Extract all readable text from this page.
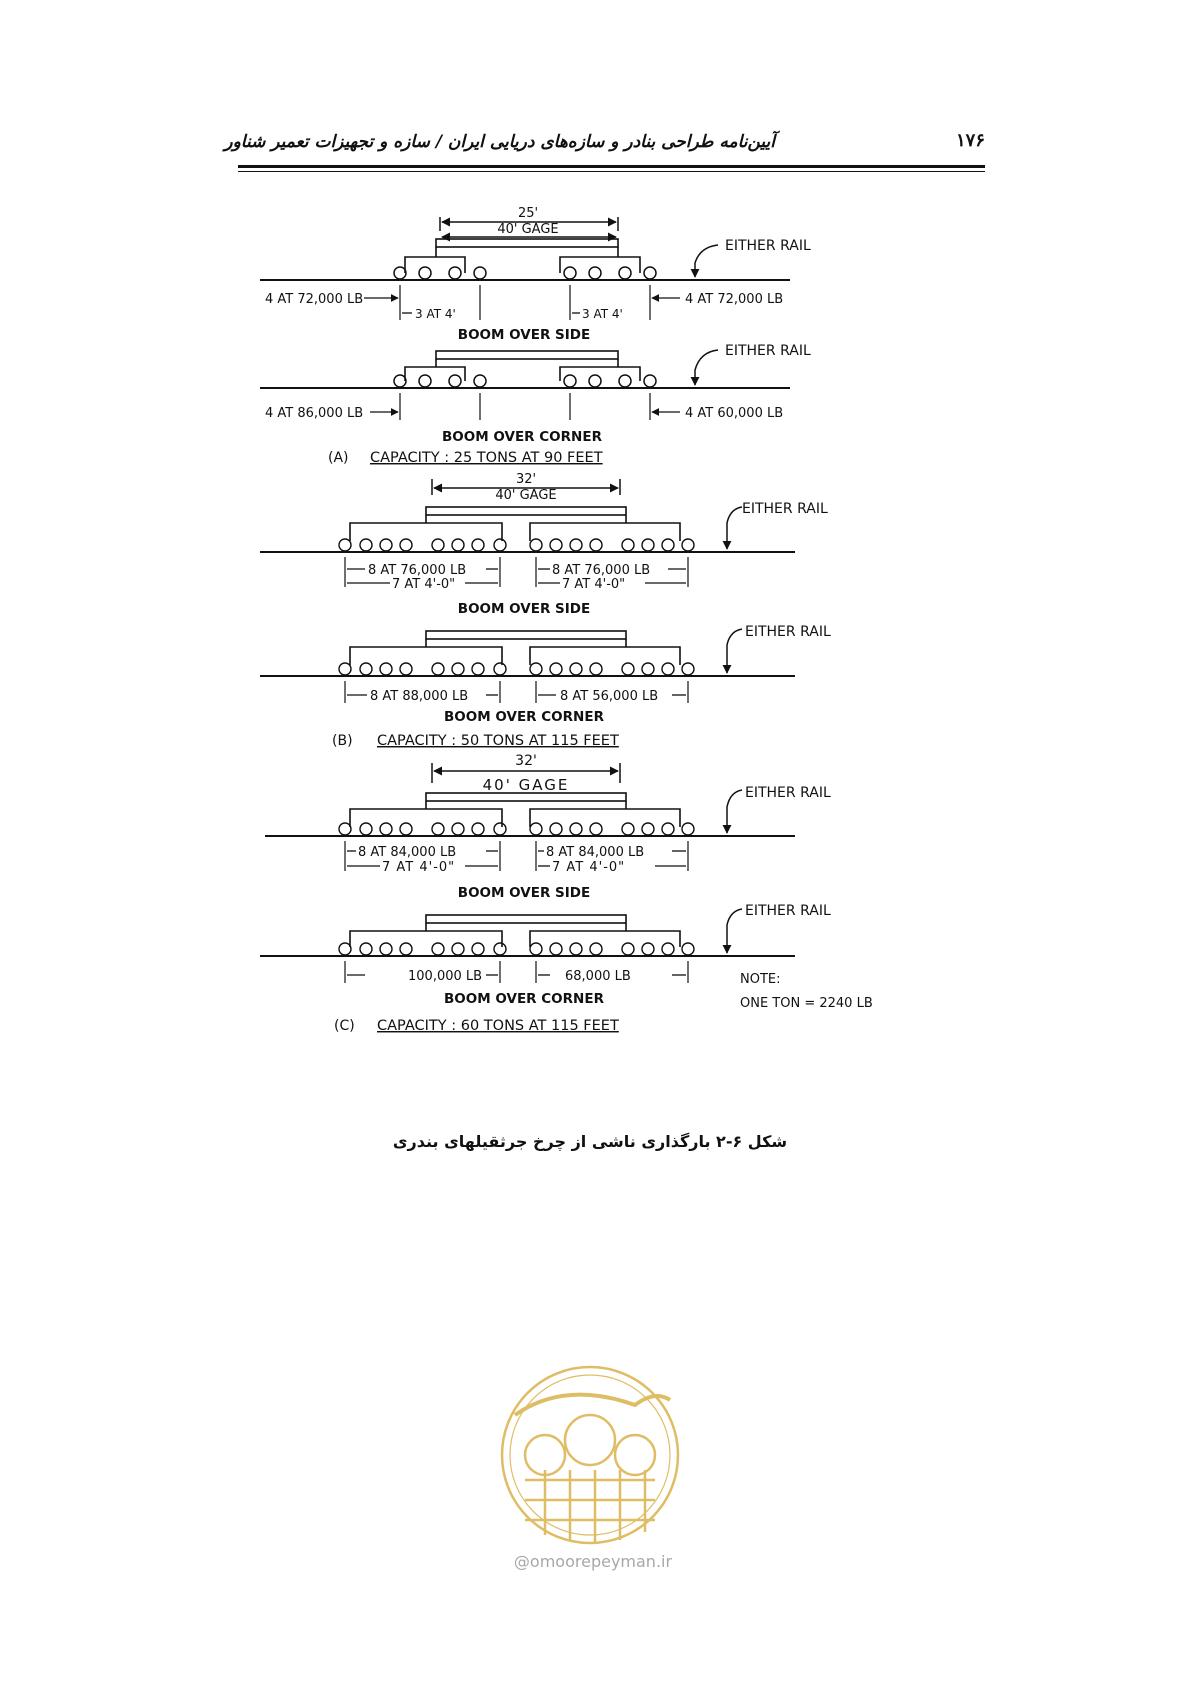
آیین‌نامه طراحی بنادر و سازه‌های دریایی ایران / سازه و تجهیزات تعمیر شناور	۱۷۶
25'
40' GAGE
EITHER RAIL
4 AT 72,000 LB	4 AT 72,000 LB
3 AT 4'	3 AT 4'
BOOM OVER SIDE
EITHER RAIL
4 AT 86,000 LB	4 AT 60,000 LB
BOOM OVER CORNER
(A) CAPACITY : 25 TONS AT 90 FEET
32'
40' GAGE
EITHER RAIL
8 AT 76,000 LB	8 AT 76,000 LB
7 AT 4'-0"	7 AT 4'-0"
BOOM OVER SIDE
EITHER RAIL
8 AT 88,000 LB	8 AT 56,000 LB
BOOM OVER CORNER
(B) CAPACITY : 50 TONS AT 115 FEET
32'
40' GAGE	EITHER RAIL
8 AT 84,000 LB	8 AT 84,000 LB
7 AT 4'-0"	7 AT 4'-0"
BOOM OVER SIDE
EITHER RAIL
100,000 LB	68,000 LB	NOTE:
BOOM OVER CORNER	ONE TON = 2240 LB
(C) CAPACITY : 60 TONS AT 115 FEET
شکل ۶-۲ بارگذاری ناشی از چرخ جرثقیلهای بندری
@omoorepeyman.ir
